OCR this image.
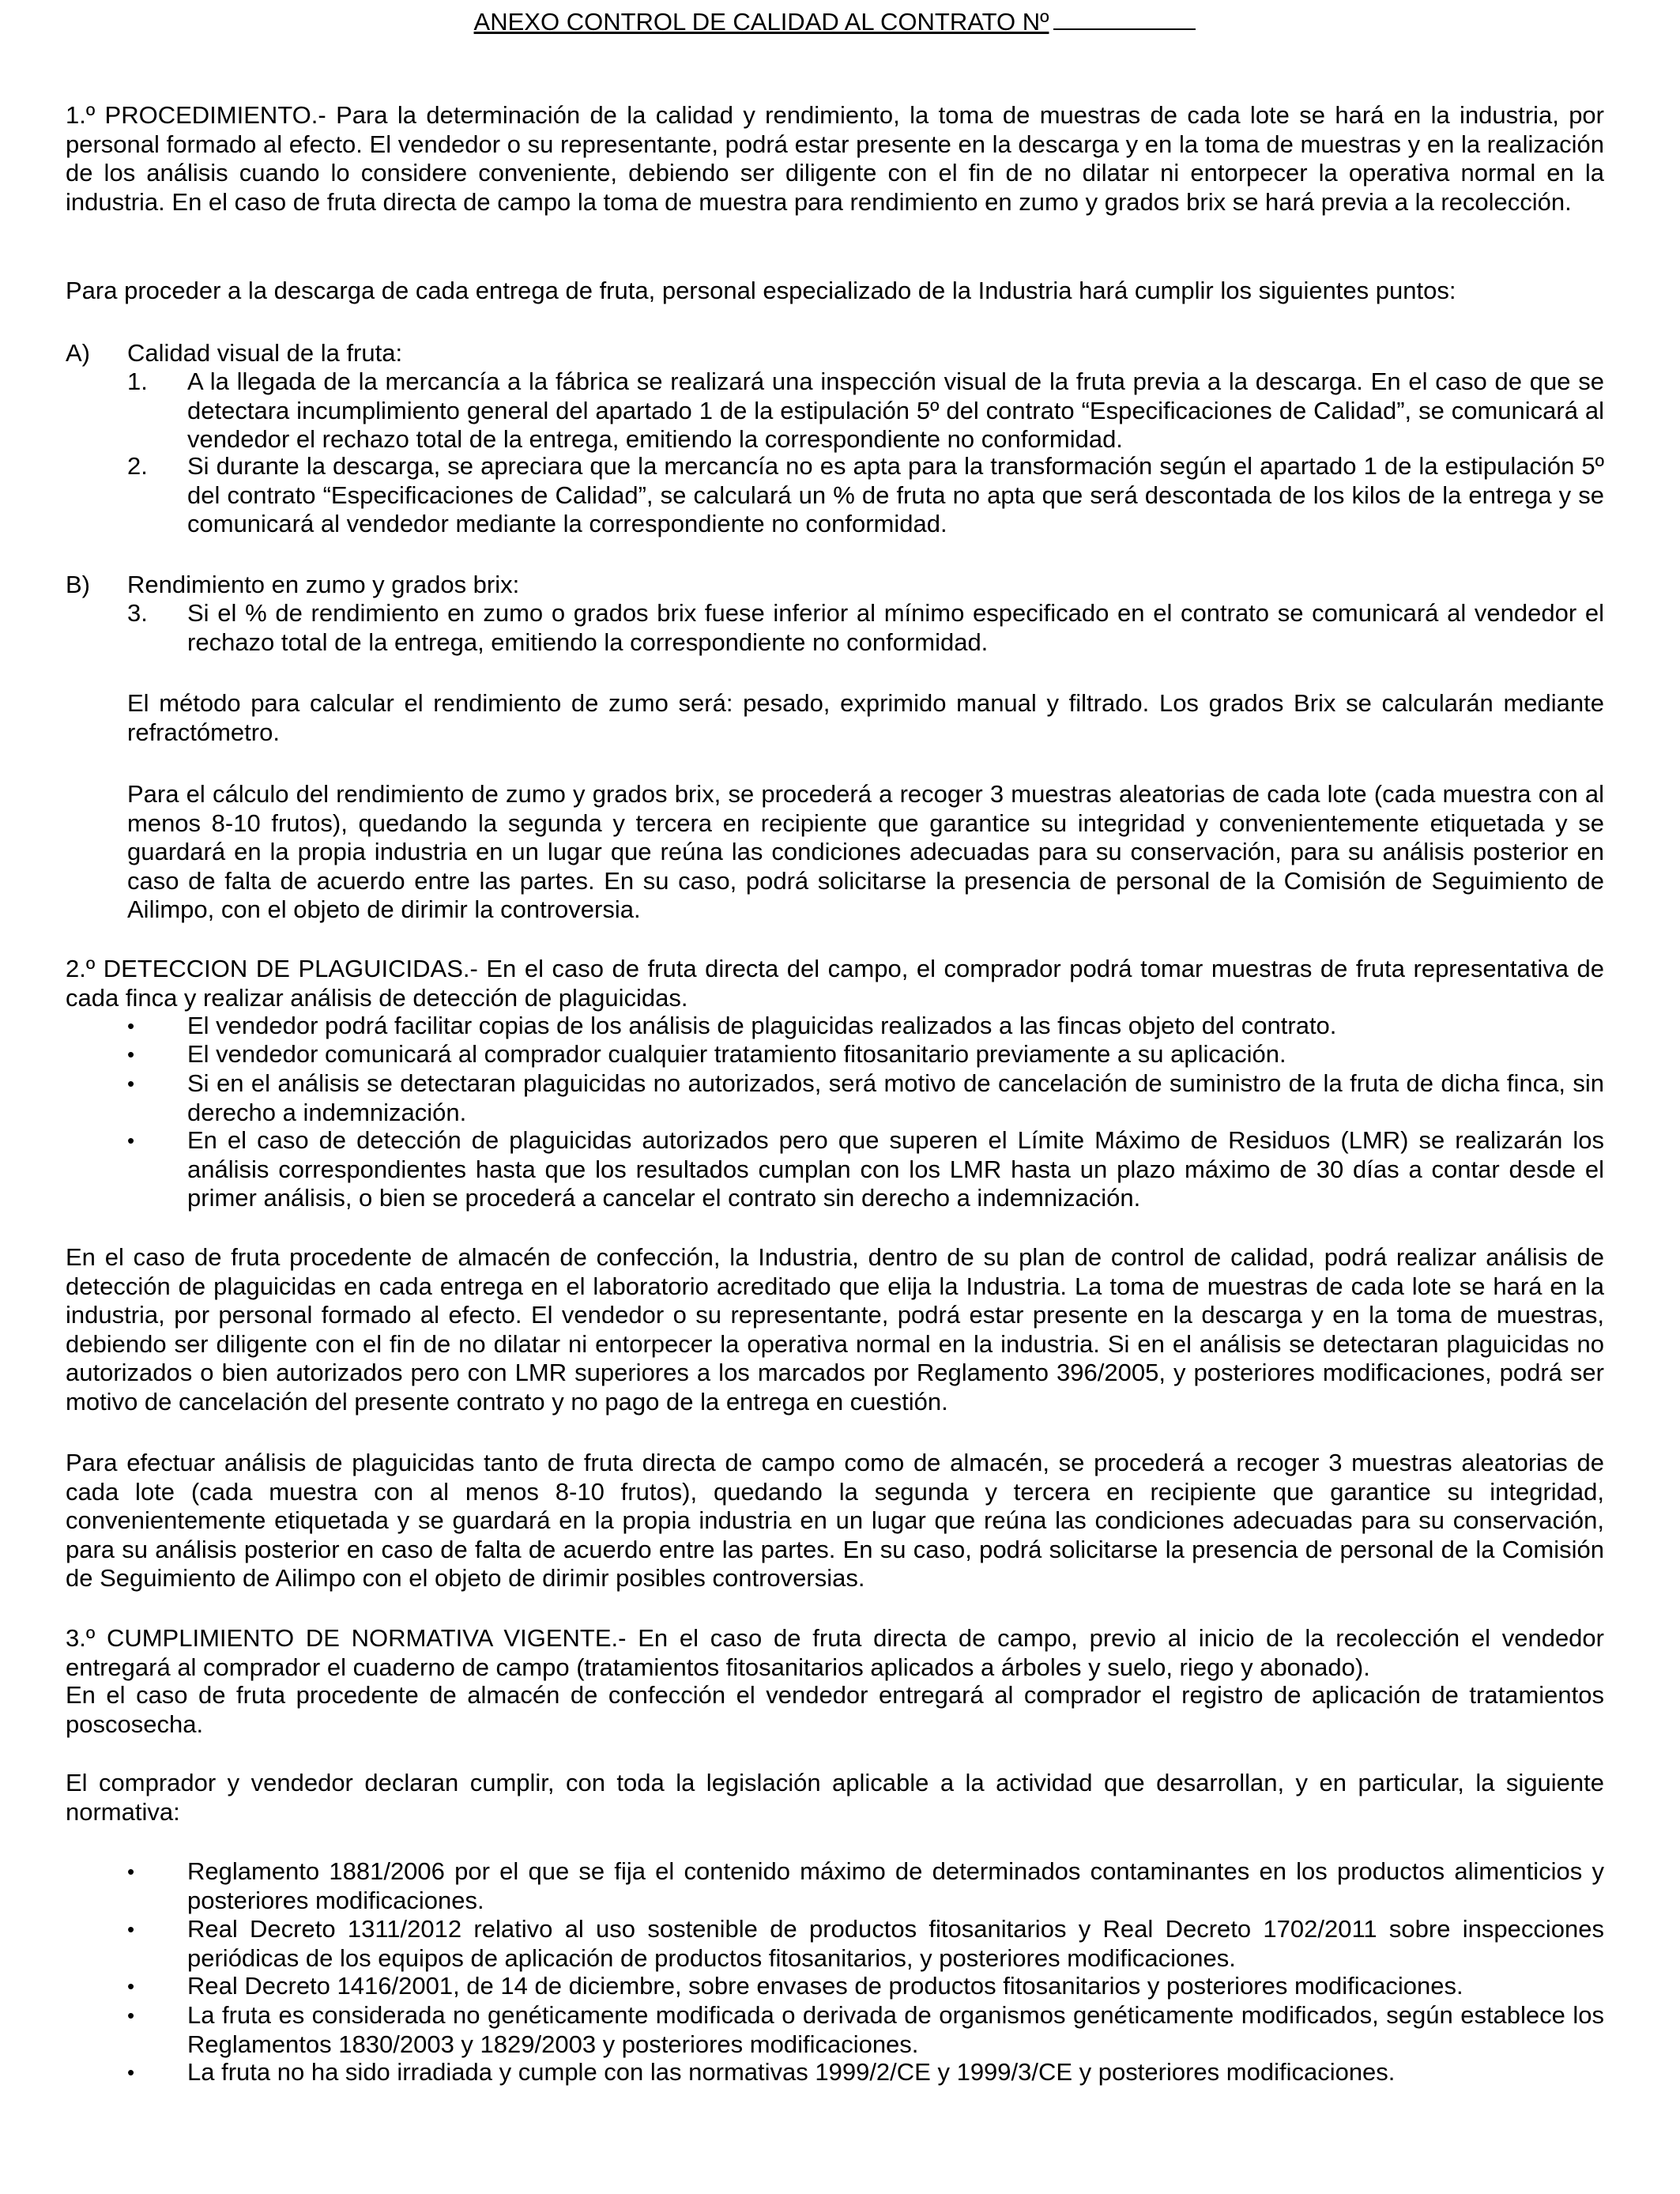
ANEXO CONTROL DE CALIDAD AL CONTRATO Nº

1.º PROCEDIMIENTO.- Para la determinación de la calidad y rendimiento, la toma de muestras de cada lote se hará en la industria, por personal formado al efecto. El vendedor o su representante, podrá estar presente en la descarga y en la toma de muestras y en la realización de los análisis cuando lo considere conveniente, debiendo ser diligente con el fin de no dilatar ni entorpecer la operativa normal en la industria. En el caso de fruta directa de campo la toma de muestra para rendimiento en zumo y grados brix se hará previa a la recolección.

Para proceder a la descarga de cada entrega de fruta, personal especializado de la Industria hará cumplir los siguientes puntos:

A) Calidad visual de la fruta:

1.	A la llegada de la mercancía a la fábrica se realizará una inspección visual de la fruta previa a la descarga. En el caso de que se detectara incumplimiento general del apartado 1 de la estipulación 5º del contrato “Especificaciones de Calidad”, se comunicará al vendedor el rechazo total de la entrega, emitiendo la correspondiente no conformidad.

2.	Si durante la descarga, se apreciara que la mercancía no es apta para la transformación según el apartado 1 de la estipulación 5º del contrato “Especificaciones de Calidad”, se calculará un % de fruta no apta que será descontada de los kilos de la entrega y se comunicará al vendedor mediante la correspondiente no conformidad.

B) Rendimiento en zumo y grados brix:

3.	Si el % de rendimiento en zumo o grados brix fuese inferior al mínimo especificado en el contrato se comunicará al vendedor el rechazo total de la entrega, emitiendo la correspondiente no conformidad.

El método para calcular el rendimiento de zumo será: pesado, exprimido manual y filtrado. Los grados Brix se calcularán mediante refractómetro.

Para el cálculo del rendimiento de zumo y grados brix, se procederá a recoger 3 muestras aleatorias de cada lote (cada muestra con al menos 8-10 frutos), quedando la segunda y tercera en recipiente que garantice su integridad y convenientemente etiquetada y se guardará en la propia industria en un lugar que reúna las condiciones adecuadas para su conservación, para su análisis posterior en caso de falta de acuerdo entre las partes. En su caso, podrá solicitarse la presencia de personal de la Comisión de Seguimiento de Ailimpo, con el objeto de dirimir la controversia.

2.º DETECCION DE PLAGUICIDAS.- En el caso de fruta directa del campo, el comprador podrá tomar muestras de fruta representativa de cada finca y realizar análisis de detección de plaguicidas.

•	El vendedor podrá facilitar copias de los análisis de plaguicidas realizados a las fincas objeto del contrato.

•	El vendedor comunicará al comprador cualquier tratamiento fitosanitario previamente a su aplicación.

•	Si en el análisis se detectaran plaguicidas no autorizados, será motivo de cancelación de suministro de la fruta de dicha finca, sin derecho a indemnización.

•	En el caso de detección de plaguicidas autorizados pero que superen el Límite Máximo de Residuos (LMR) se realizarán los análisis correspondientes hasta que los resultados cumplan con los LMR hasta un plazo máximo de 30 días a contar desde el primer análisis, o bien se procederá a cancelar el contrato sin derecho a indemnización.

En el caso de fruta procedente de almacén de confección, la Industria, dentro de su plan de control de calidad, podrá realizar análisis de detección de plaguicidas en cada entrega en el laboratorio acreditado que elija la Industria. La toma de muestras de cada lote se hará en la industria, por personal formado al efecto. El vendedor o su representante, podrá estar presente en la descarga y en la toma de muestras, debiendo ser diligente con el fin de no dilatar ni entorpecer la operativa normal en la industria. Si en el análisis se detectaran plaguicidas no autorizados o bien autorizados pero con LMR superiores a los marcados por Reglamento 396/2005, y posteriores modificaciones, podrá ser motivo de cancelación del presente contrato y no pago de la entrega en cuestión.

Para efectuar análisis de plaguicidas tanto de fruta directa de campo como de almacén, se procederá a recoger 3 muestras aleatorias de cada lote (cada muestra con al menos 8-10 frutos), quedando la segunda y tercera en recipiente que garantice su integridad, convenientemente etiquetada y se guardará en la propia industria en un lugar que reúna las condiciones adecuadas para su conservación, para su análisis posterior en caso de falta de acuerdo entre las partes. En su caso, podrá solicitarse la presencia de personal de la Comisión de Seguimiento de Ailimpo con el objeto de dirimir posibles controversias.

3.º CUMPLIMIENTO DE NORMATIVA VIGENTE.- En el caso de fruta directa de campo, previo al inicio de la recolección el vendedor entregará al comprador el cuaderno de campo (tratamientos fitosanitarios aplicados a árboles y suelo, riego y abonado).

En el caso de fruta procedente de almacén de confección el vendedor entregará al comprador el registro de aplicación de tratamientos poscosecha.

El comprador y vendedor declaran cumplir, con toda la legislación aplicable a la actividad que desarrollan, y en particular, la siguiente normativa:

•	Reglamento 1881/2006 por el que se fija el contenido máximo de determinados contaminantes en los productos alimenticios y posteriores modificaciones.

•	Real Decreto 1311/2012 relativo al uso sostenible de productos fitosanitarios y Real Decreto 1702/2011 sobre inspecciones periódicas de los equipos de aplicación de productos fitosanitarios, y posteriores modificaciones.

•	Real Decreto 1416/2001, de 14 de diciembre, sobre envases de productos fitosanitarios y posteriores modificaciones.

•	La fruta es considerada no genéticamente modificada o derivada de organismos genéticamente modificados, según establece los Reglamentos 1830/2003 y 1829/2003 y posteriores modificaciones.

•	La fruta no ha sido irradiada y cumple con las normativas 1999/2/CE y 1999/3/CE y posteriores modificaciones.
